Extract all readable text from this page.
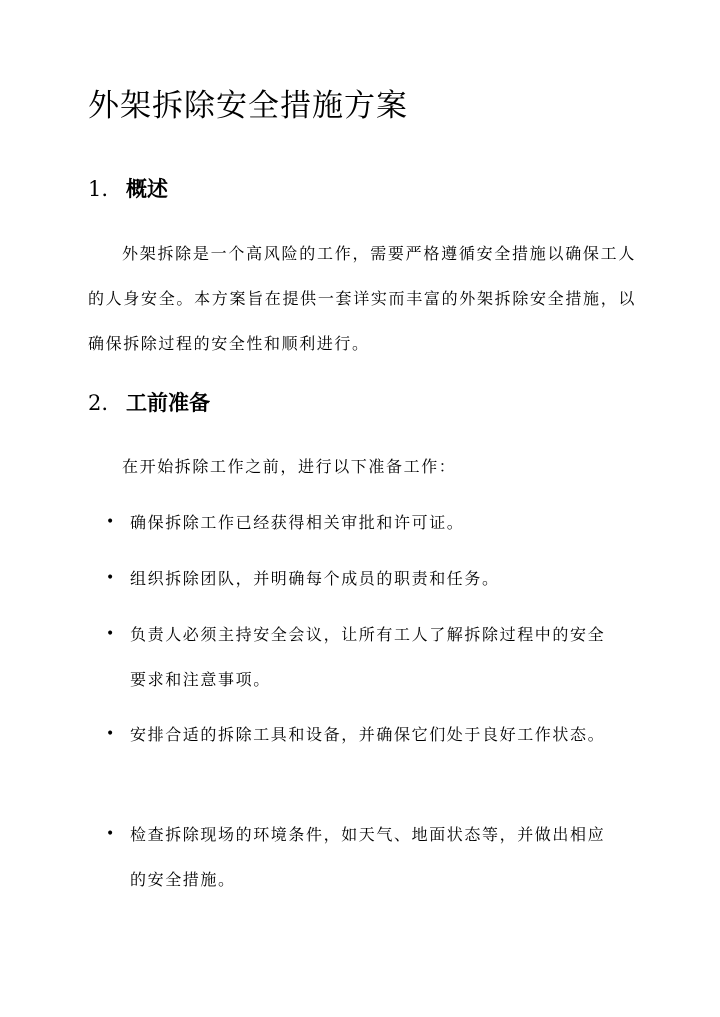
外架拆除安全措施方案
1. 概述

外架拆除是一个高风险的工作，需要严格遵循安全措施以确保工人的人身安全。本方案旨在提供一套详实而丰富的外架拆除安全措施，以确保拆除过程的安全性和顺利进行。

2. 工前准备

在开始拆除工作之前，进行以下准备工作：

• 确保拆除工作已经获得相关审批和许可证。
• 组织拆除团队，并明确每个成员的职责和任务。
• 负责人必须主持安全会议，让所有工人了解拆除过程中的安全要求和注意事项。
• 安排合适的拆除工具和设备，并确保它们处于良好工作状态。
• 检查拆除现场的环境条件，如天气、地面状态等，并做出相应的安全措施。
